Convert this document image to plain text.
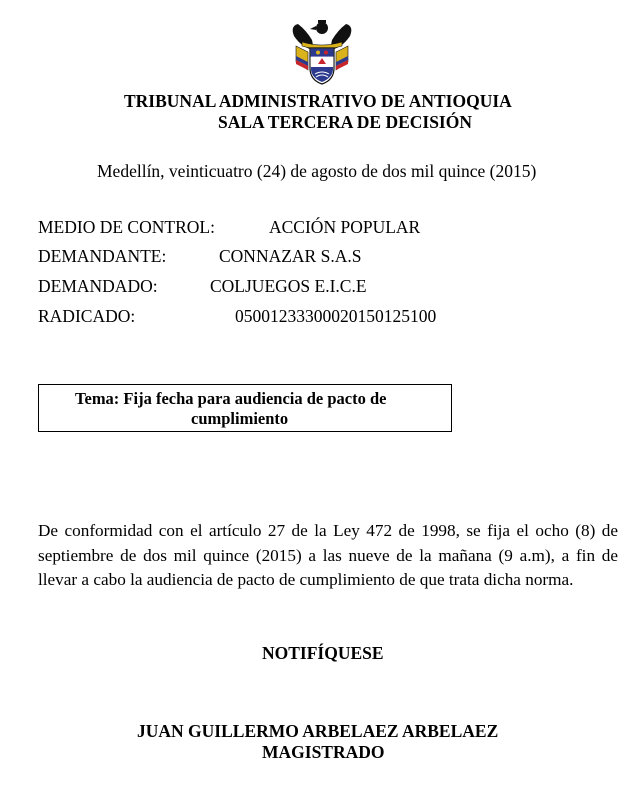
TRIBUNAL ADMINISTRATIVO DE ANTIOQUIA
SALA TERCERA DE DECISIÓN
Medellín, veinticuatro (24) de agosto de dos mil quince (2015)
MEDIO DE CONTROL:	ACCIÓN POPULAR
DEMANDANTE:	CONNAZAR S.A.S
DEMANDADO:	COLJUEGOS E.I.C.E
RADICADO:	05001233300020150125100
Tema: Fija fecha para audiencia de pacto de
cumplimiento
De conformidad con el artículo 27 de la Ley 472 de 1998, se fija el ocho (8) de septiembre de dos mil quince (2015) a las nueve de la mañana (9 a.m), a fin de llevar a cabo la audiencia de pacto de cumplimiento de que trata dicha norma.
NOTIFÍQUESE
JUAN GUILLERMO ARBELAEZ ARBELAEZ
MAGISTRADO
